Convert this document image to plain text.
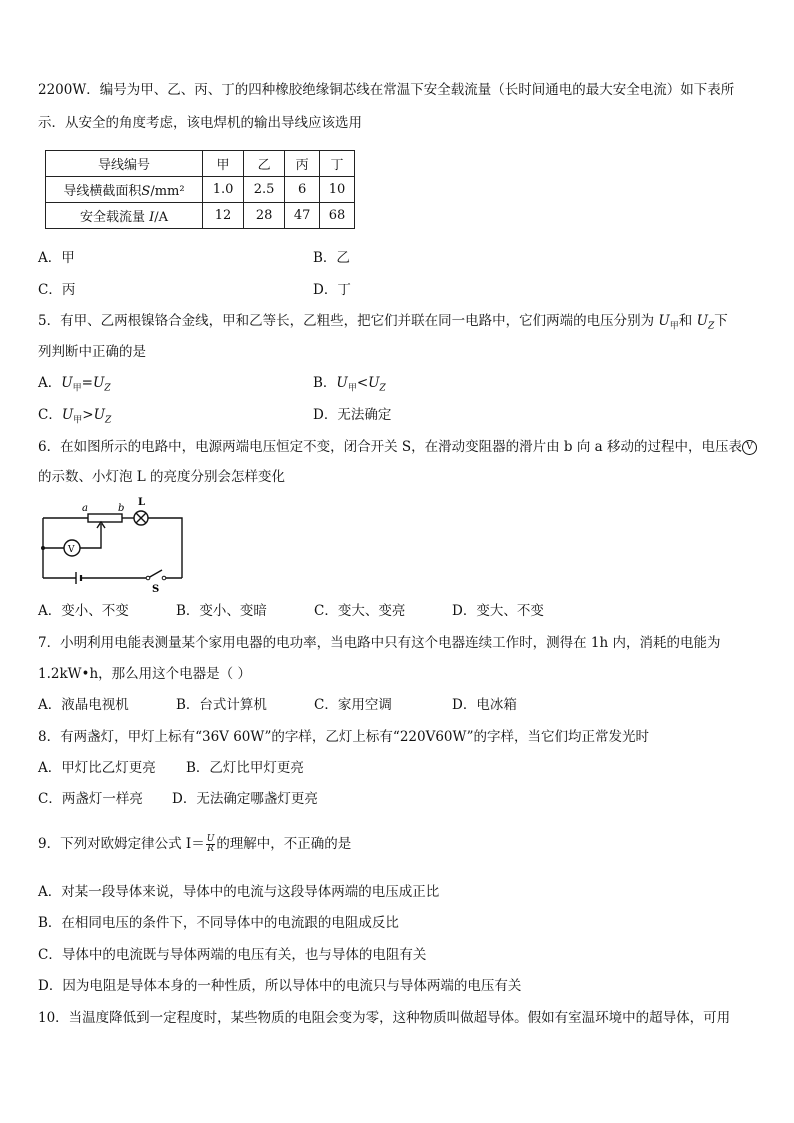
2200W．编号为甲、乙、丙、丁的四种橡胶绝缘铜芯线在常温下安全载流量（长时间通电的最大安全电流）如下表所
示．从安全的角度考虑，该电焊机的输出导线应该选用
导线编号	甲	乙	丙	丁
导线横截面积S/mm²	1.0	2.5	6	10
安全载流量 I/A	12	28	47	68
A．甲	B．乙
C．丙	D．丁
5．有甲、乙两根镍铬合金线，甲和乙等长，乙粗些，把它们并联在同一电路中，它们两端的电压分别为 $U_甲$和 $U_Z$下
列判断中正确的是
A．$U_甲=U_Z$	B．$U_甲<U_Z$
C．$U_甲>U_Z$	D．无法确定
6．在如图所示的电路中，电源两端电压恒定不变，闭合开关 S，在滑动变阻器的滑片由 b 向 a 移动的过程中，电压表 V
的示数、小灯泡 L 的亮度分别会怎样变化
a	b
L
V
S
A．变小、不变	B．变小、变暗	C．变大、变亮	D．变大、不变
7．小明利用电能表测量某个家用电器的电功率，当电路中只有这个电器连续工作时，测得在 1h 内，消耗的电能为
1.2kW•h，那么用这个电器是（ ）
A．液晶电视机	B．台式计算机	C．家用空调	D．电冰箱
8．有两盏灯，甲灯上标有“36V 60W”的字样，乙灯上标有“220V60W”的字样，当它们均正常发光时
A．甲灯比乙灯更亮 B．乙灯比甲灯更亮
C．两盏灯一样亮 D．无法确定哪盏灯更亮
9．下列对欧姆定律公式 $I= \frac{U}{R}$ 的理解中，不正确的是
A．对某一段导体来说，导体中的电流与这段导体两端的电压成正比
B．在相同电压的条件下，不同导体中的电流跟的电阻成反比
C．导体中的电流既与导体两端的电压有关，也与导体的电阻有关
D．因为电阻是导体本身的一种性质，所以导体中的电流只与导体两端的电压有关
10．当温度降低到一定程度时，某些物质的电阻会变为零，这种物质叫做超导体。假如有室温环境中的超导体，可用
